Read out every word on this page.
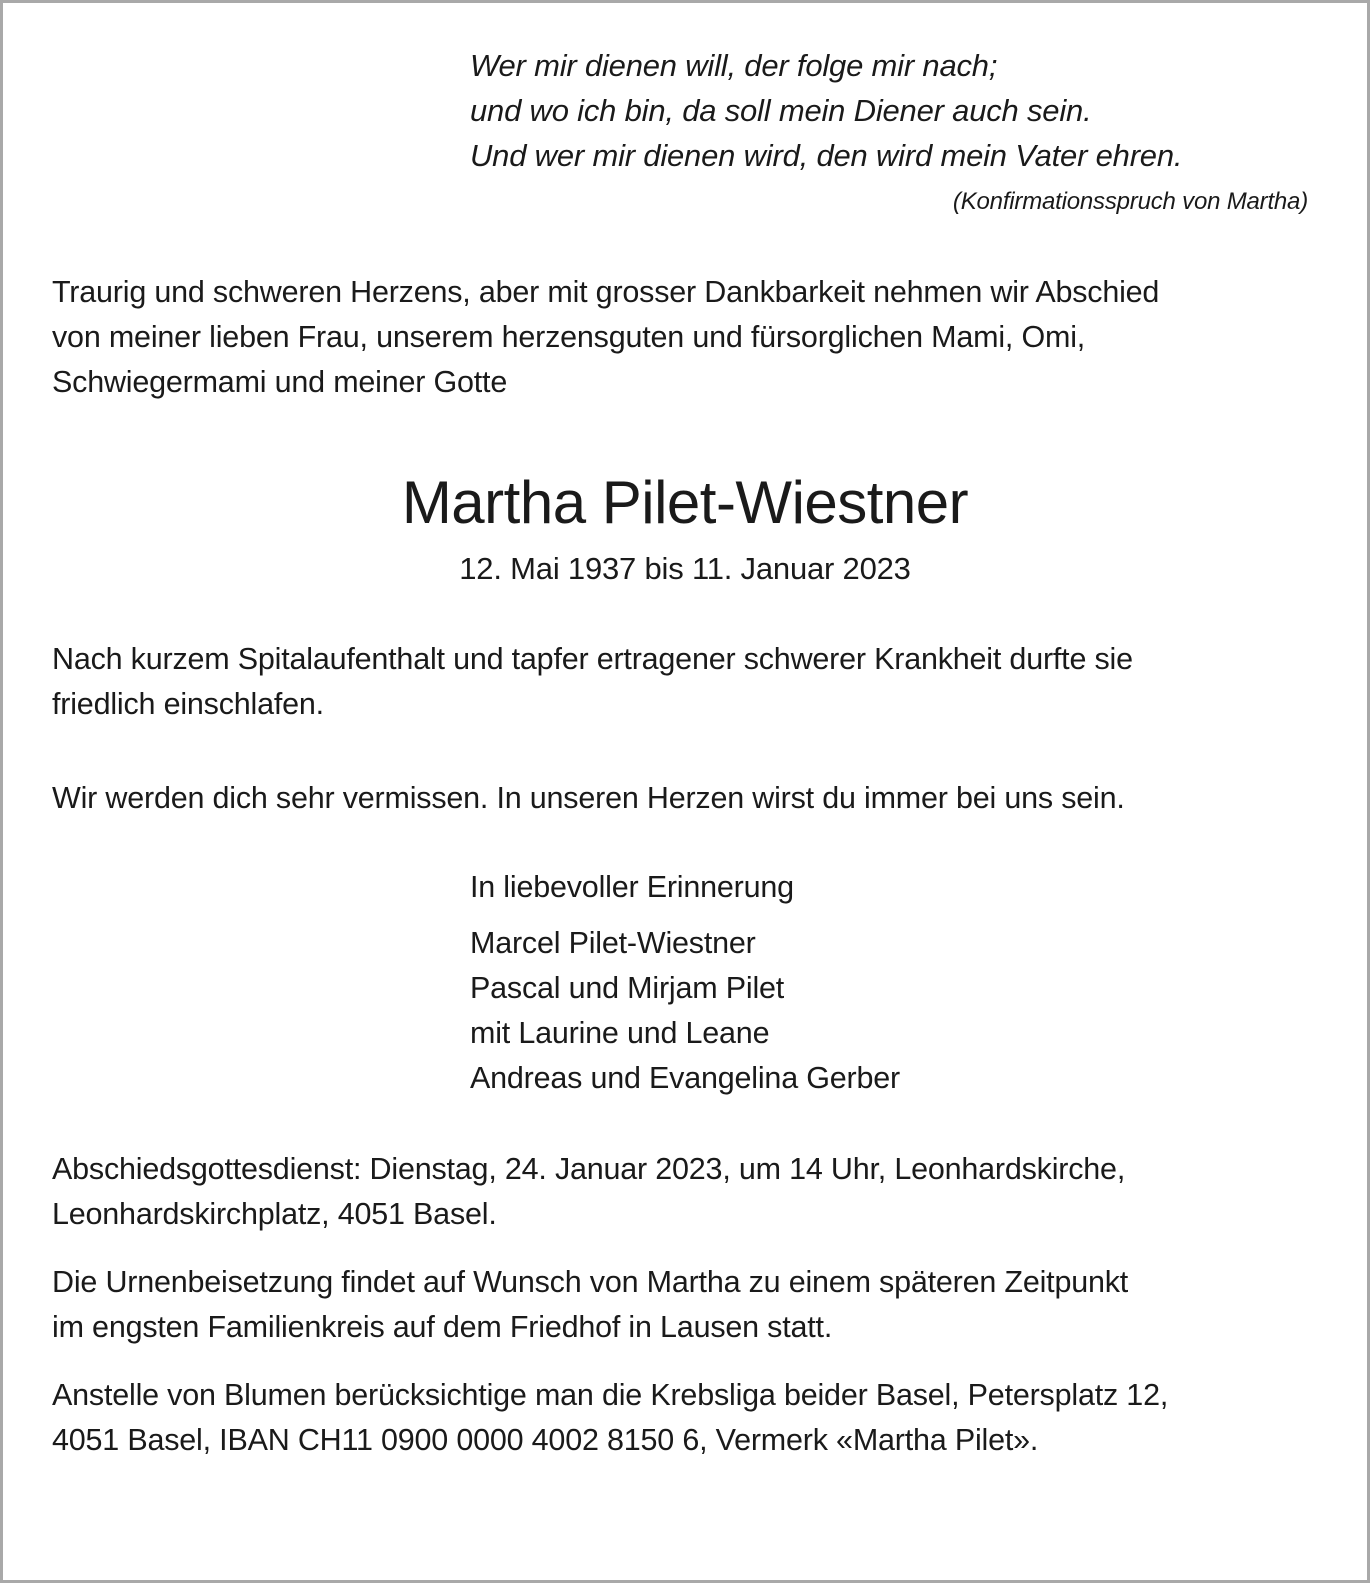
Wer mir dienen will, der folge mir nach;
und wo ich bin, da soll mein Diener auch sein.
Und wer mir dienen wird, den wird mein Vater ehren.
(Konfirmationsspruch von Martha)
Traurig und schweren Herzens, aber mit grosser Dankbarkeit nehmen wir Abschied
von meiner lieben Frau, unserem herzensguten und fürsorglichen Mami, Omi,
Schwiegermami und meiner Gotte
Martha Pilet-Wiestner
12. Mai 1937 bis 11. Januar 2023
Nach kurzem Spitalaufenthalt und tapfer ertragener schwerer Krankheit durfte sie
friedlich einschlafen.
Wir werden dich sehr vermissen. In unseren Herzen wirst du immer bei uns sein.
In liebevoller Erinnerung
Marcel Pilet-Wiestner
Pascal und Mirjam Pilet
mit Laurine und Leane
Andreas und Evangelina Gerber
Abschiedsgottesdienst: Dienstag, 24. Januar 2023, um 14 Uhr, Leonhardskirche,
Leonhardskirchplatz, 4051 Basel.
Die Urnenbeisetzung findet auf Wunsch von Martha zu einem späteren Zeitpunkt
im engsten Familienkreis auf dem Friedhof in Lausen statt.
Anstelle von Blumen berücksichtige man die Krebsliga beider Basel, Petersplatz 12,
4051 Basel, IBAN CH11 0900 0000 4002 8150 6, Vermerk «Martha Pilet».
